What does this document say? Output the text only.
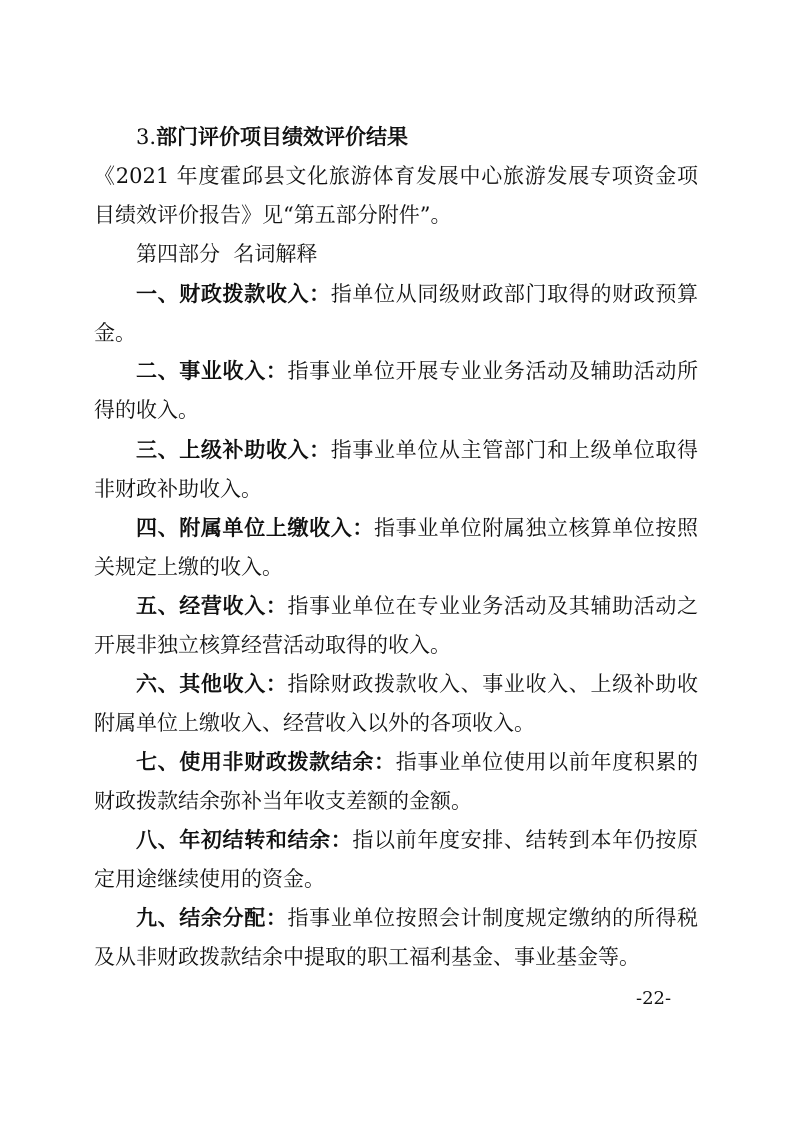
3.部门评价项目绩效评价结果
《2021 年度霍邱县文化旅游体育发展中心旅游发展专项资金项
目绩效评价报告》见“第五部分附件”。
第四部分  名词解释
一、财政拨款收入：指单位从同级财政部门取得的财政预算
金。
二、事业收入：指事业单位开展专业业务活动及辅助活动所
得的收入。
三、上级补助收入：指事业单位从主管部门和上级单位取得
非财政补助收入。
四、附属单位上缴收入：指事业单位附属独立核算单位按照
关规定上缴的收入。
五、经营收入：指事业单位在专业业务活动及其辅助活动之
开展非独立核算经营活动取得的收入。
六、其他收入：指除财政拨款收入、事业收入、上级补助收
附属单位上缴收入、经营收入以外的各项收入。
七、使用非财政拨款结余：指事业单位使用以前年度积累的
财政拨款结余弥补当年收支差额的金额。
八、年初结转和结余：指以前年度安排、结转到本年仍按原
定用途继续使用的资金。
九、结余分配：指事业单位按照会计制度规定缴纳的所得税
及从非财政拨款结余中提取的职工福利基金、事业基金等。
-22-
